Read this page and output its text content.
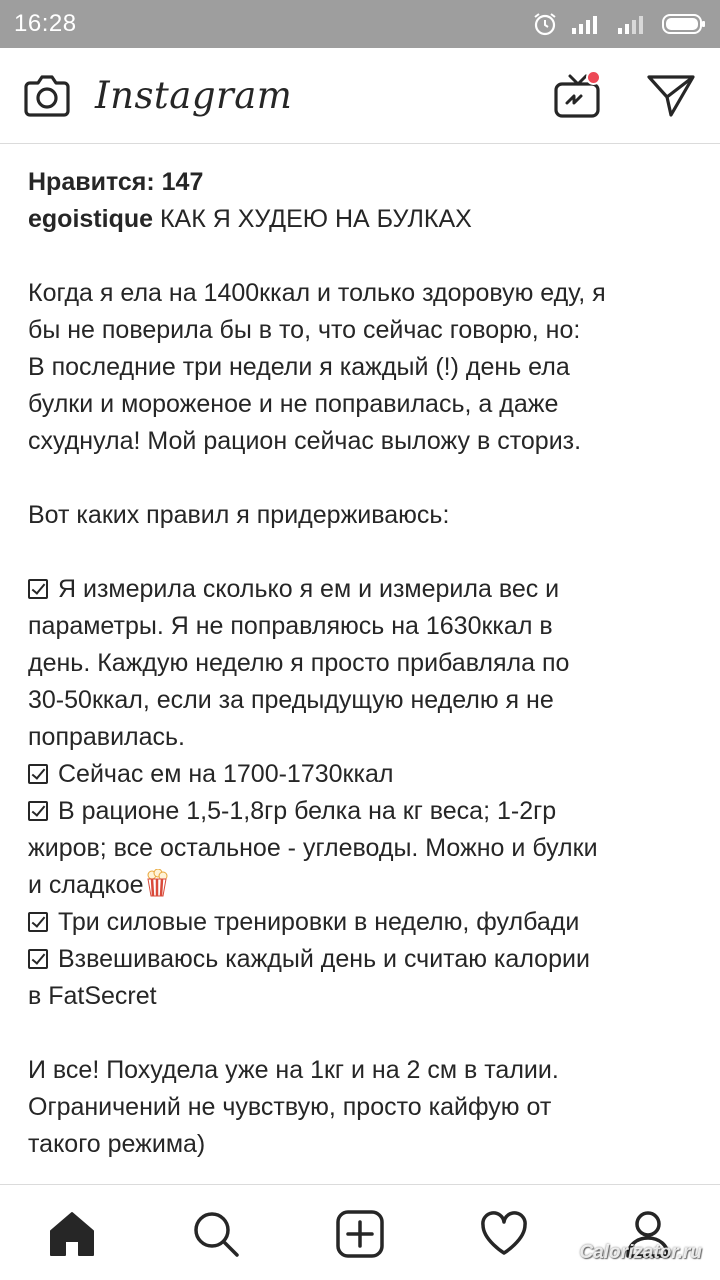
16:28
Instagram
Нравится: 147
egoistique КАК Я ХУДЕЮ НА БУЛКАХ
Когда я ела на 1400ккал и только здоровую еду, я
бы не поверила бы в то, что сейчас говорю, но:
В последние три недели я каждый (!) день ела
булки и мороженое и не поправилась, а даже
схуднула! Мой рацион сейчас выложу в сториз.
Вот каких правил я придерживаюсь:
Я измерила сколько я ем и измерила вес и
параметры. Я не поправляюсь на 1630ккал в
день. Каждую неделю я просто прибавляла по
30-50ккал, если за предыдущую неделю я не
поправилась.
Сейчас ем на 1700-1730ккал
В рационе 1,5-1,8гр белка на кг веса; 1-2гр
жиров; все остальное - углеводы. Можно и булки
и сладкое
Три силовые тренировки в неделю, фулбади
Взвешиваюсь каждый день и считаю калории
в FatSecret
И все! Похудела уже на 1кг и на 2 см в талии.
Ограничений не чувствую, просто кайфую от
такого режима)
Calorizator.ru
